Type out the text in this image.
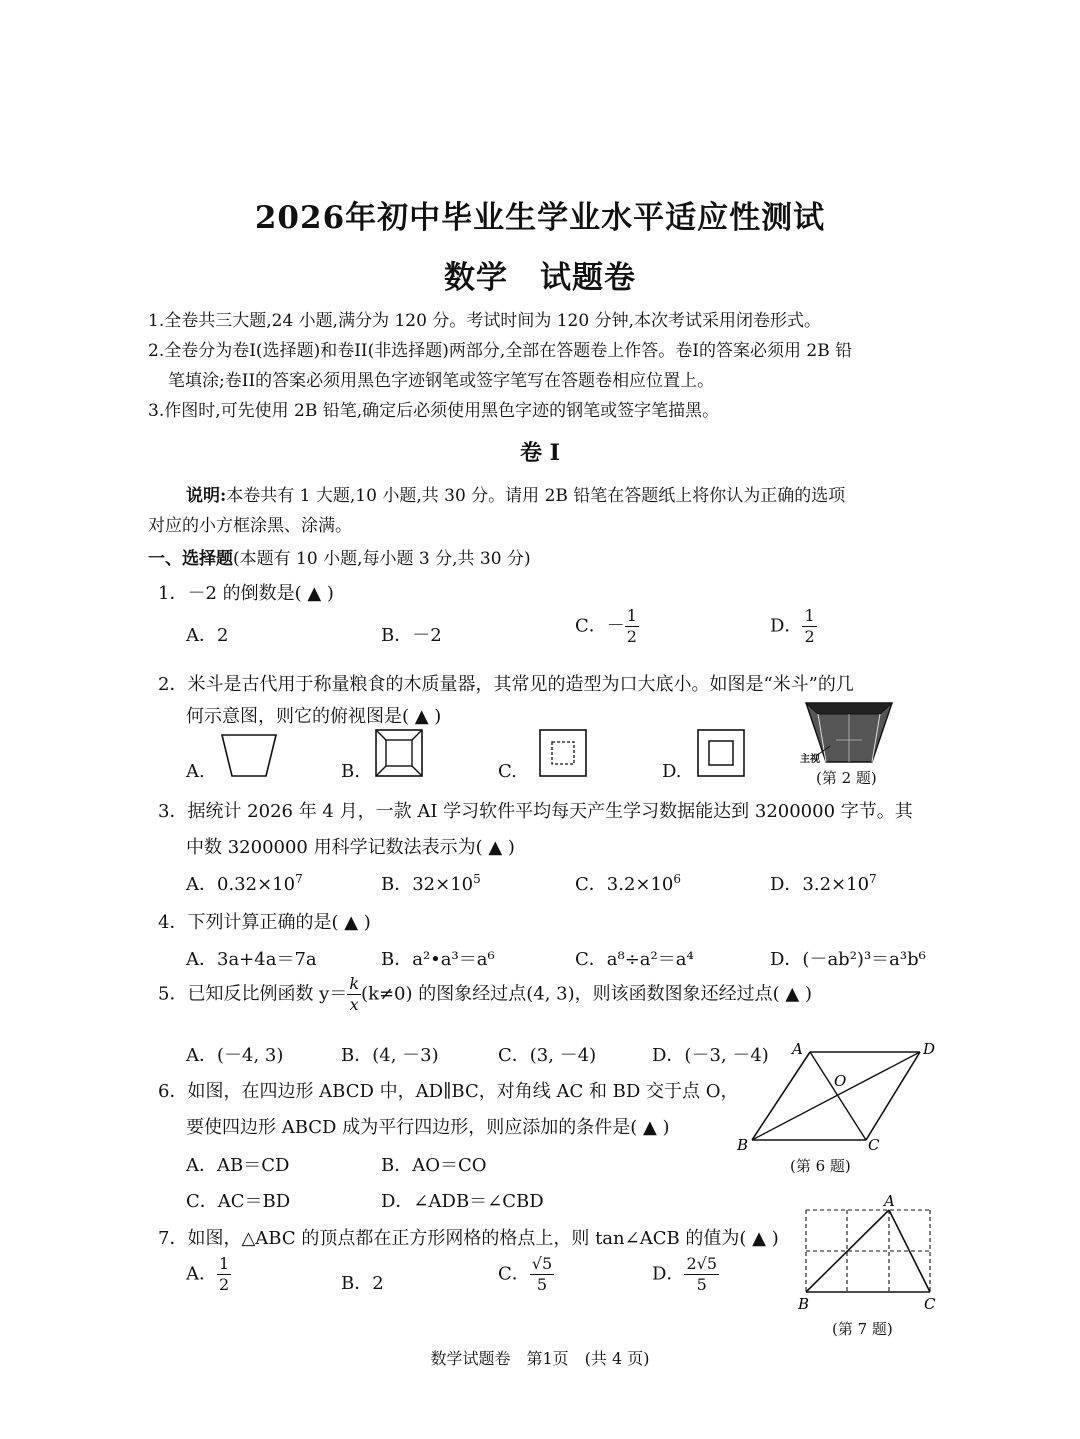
2026年初中毕业生学业水平适应性测试
数学　试题卷
1.全卷共三大题,24 小题,满分为 120 分。考试时间为 120 分钟,本次考试采用闭卷形式。
2.全卷分为卷I(选择题)和卷II(非选择题)两部分,全部在答题卷上作答。卷I的答案必须用 2B 铅
笔填涂;卷II的答案必须用黑色字迹钢笔或签字笔写在答题卷相应位置上。
3.作图时,可先使用 2B 铅笔,确定后必须使用黑色字迹的钢笔或签字笔描黑。
卷 I
说明:本卷共有 1 大题,10 小题,共 30 分。请用 2B 铅笔在答题纸上将你认为正确的选项
对应的小方框涂黑、涂满。
一、选择题(本题有 10 小题,每小题 3 分,共 30 分)
1．－2 的倒数是( ▲ )
A．2	B．－2	C．－ $\frac{1}{2}$	D． $\frac{1}{2}$
2．米斗是古代用于称量粮食的木质量器，其常见的造型为口大底小。如图是“米斗”的几
何示意图，则它的俯视图是( ▲ )
A.	B.	C.	D.
主视
(第 2 题)
3．据统计 2026 年 4 月，一款 AI 学习软件平均每天产生学习数据能达到 3200000 字节。其
中数 3200000 用科学记数法表示为( ▲ )
A．$0.32\times 10^7$	B．$32\times 10^5$	C．$3.2\times 10^6$	D．$3.2\times 10^7$
4．下列计算正确的是( ▲ )
A．3a+4a＝7a	B．a²•a³＝a⁶	C．a⁸÷a²＝a⁴	D．(－ab²)³＝a³b⁶
5．已知反比例函数 $y= \frac{k}{x} (k\ne 0)$ 的图象经过点(4, 3)，则该函数图象还经过点( ▲ )
A．(－4, 3)	B．(4, －3)	C．(3, －4)	D．(－3, －4)
6．如图，在四边形 ABCD 中，AD∥BC，对角线 AC 和 BD 交于点 O，
要使四边形 ABCD 成为平行四边形，则应添加的条件是( ▲ )
A．AB＝CD	B．AO＝CO
C．AC＝BD	D．∠ADB＝∠CBD
A	D
B	C
O
(第 6 题)
7．如图，△ABC 的顶点都在正方形网格的格点上，则 tan∠ACB 的值为( ▲ )
A． $\frac{1}{2}$	B．2	C． $\frac{√5}{5}$	D． $\frac{2√5}{5}$
A
B	C
(第 7 题)
数学试题卷　第1页　(共 4 页)
